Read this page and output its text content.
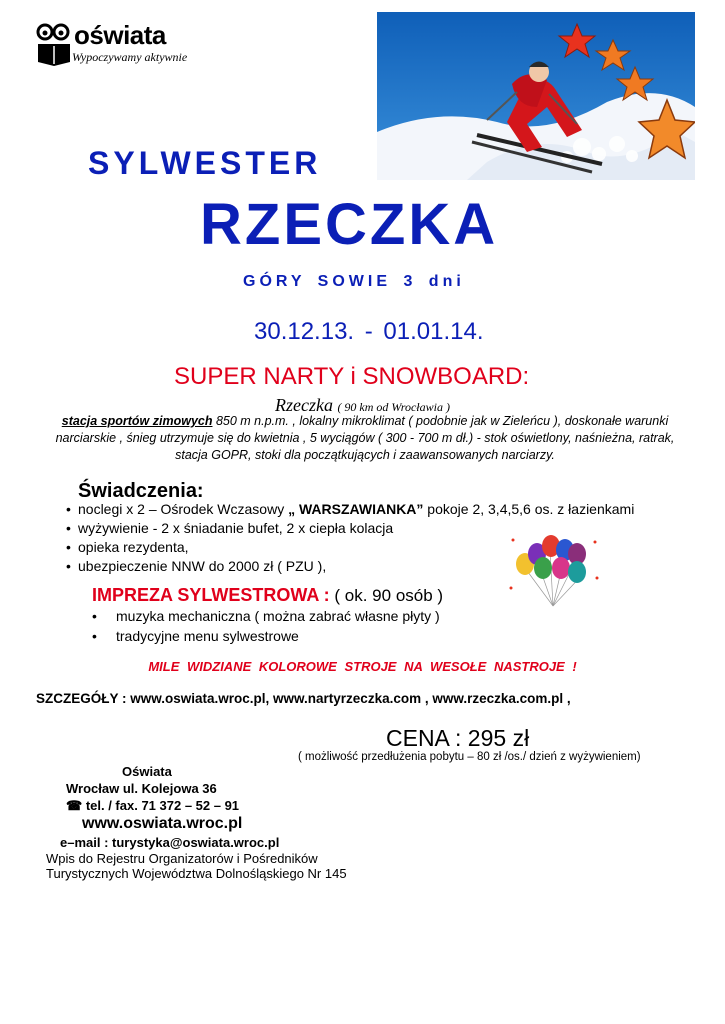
oświata
Wypoczywamy aktywnie
SYLWESTER
RZECZKA
GÓRY SOWIE 3 dni
30.12.13. - 01.01.14.
SUPER NARTY i SNOWBOARD:
Rzeczka ( 90 km od Wrocławia )
stacja sportów zimowych 850 m n.p.m. , lokalny mikroklimat ( podobnie jak w Zieleńcu ), doskonałe warunki narciarskie , śnieg utrzymuje się do kwietnia , 5 wyciągów ( 300 - 700 m dł.) - stok oświetlony, naśnieżna, ratrak, stacja GOPR, stoki dla początkujących i zaawansowanych narciarzy.
Świadczenia:
• noclegi x 2 – Ośrodek Wczasowy „ WARSZAWIANKA” pokoje 2, 3,4,5,6 os. z łazienkami
• wyżywienie - 2 x śniadanie bufet, 2 x ciepła kolacja
• opieka rezydenta,
• ubezpieczenie NNW do 2000 zł ( PZU ),
IMPREZA SYLWESTROWA : ( ok. 90 osób )
• muzyka mechaniczna ( można zabrać własne płyty )
• tradycyjne menu sylwestrowe
MILE WIDZIANE KOLOROWE STROJE NA WESOŁE NASTROJE !
SZCZEGÓŁY : www.oswiata.wroc.pl, www.nartyrzeczka.com , www.rzeczka.com.pl ,
CENA : 295 zł
( możliwość przedłużenia pobytu – 80 zł /os./ dzień z wyżywieniem)
Oświata
Wrocław ul. Kolejowa 36
☎ tel. / fax. 71 372 – 52 – 91
www.oswiata.wroc.pl
e–mail : turystyka@oswiata.wroc.pl
Wpis do Rejestru Organizatorów i Pośredników
Turystycznych Województwa Dolnośląskiego Nr 145
